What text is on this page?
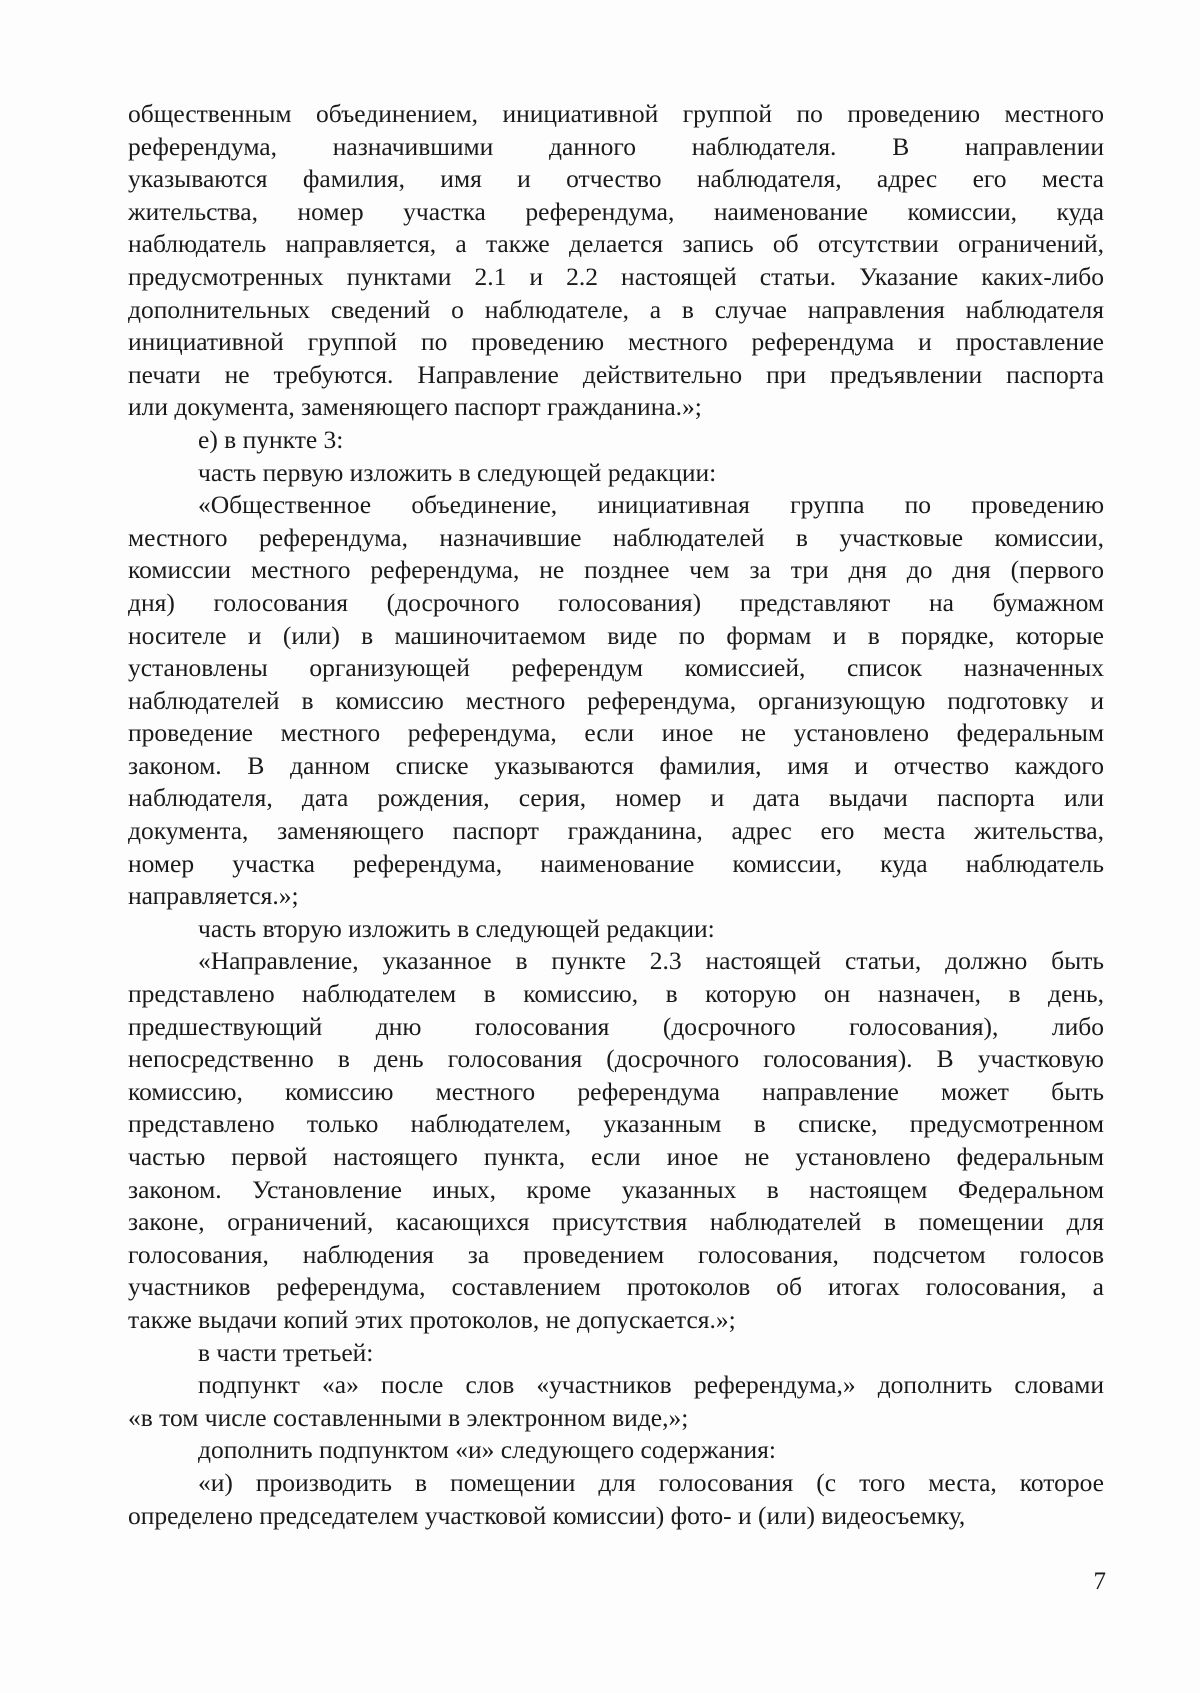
общественным объединением, инициативной группой по проведению местного

референдума, назначившими данного наблюдателя. В направлении

указываются фамилия, имя и отчество наблюдателя, адрес его места

жительства, номер участка референдума, наименование комиссии, куда

наблюдатель направляется, а также делается запись об отсутствии ограничений,

предусмотренных пунктами 2.1 и 2.2 настоящей статьи. Указание каких-либо

дополнительных сведений о наблюдателе, а в случае направления наблюдателя

инициативной группой по проведению местного референдума и проставление

печати не требуются. Направление действительно при предъявлении паспорта

или документа, заменяющего паспорт гражданина.»;

е) в пункте 3:

часть первую изложить в следующей редакции:

«Общественное объединение, инициативная группа по проведению

местного референдума, назначившие наблюдателей в участковые комиссии,

комиссии местного референдума, не позднее чем за три дня до дня (первого

дня) голосования (досрочного голосования) представляют на бумажном

носителе и (или) в машиночитаемом виде по формам и в порядке, которые

установлены организующей референдум комиссией, список назначенных

наблюдателей в комиссию местного референдума, организующую подготовку и

проведение местного референдума, если иное не установлено федеральным

законом. В данном списке указываются фамилия, имя и отчество каждого

наблюдателя, дата рождения, серия, номер и дата выдачи паспорта или

документа, заменяющего паспорт гражданина, адрес его места жительства,

номер участка референдума, наименование комиссии, куда наблюдатель

направляется.»;

часть вторую изложить в следующей редакции:

«Направление, указанное в пункте 2.3 настоящей статьи, должно быть

представлено наблюдателем в комиссию, в которую он назначен, в день,

предшествующий дню голосования (досрочного голосования), либо

непосредственно в день голосования (досрочного голосования). В участковую

комиссию, комиссию местного референдума направление может быть

представлено только наблюдателем, указанным в списке, предусмотренном

частью первой настоящего пункта, если иное не установлено федеральным

законом. Установление иных, кроме указанных в настоящем Федеральном

законе, ограничений, касающихся присутствия наблюдателей в помещении для

голосования, наблюдения за проведением голосования, подсчетом голосов

участников референдума, составлением протоколов об итогах голосования, а

также выдачи копий этих протоколов, не допускается.»;

в части третьей:

подпункт «а» после слов «участников референдума,» дополнить словами

«в том числе составленными в электронном виде,»;

дополнить подпунктом «и» следующего содержания:

«и) производить в помещении для голосования (с того места, которое

определено председателем участковой комиссии) фото- и (или) видеосъемку,

7
